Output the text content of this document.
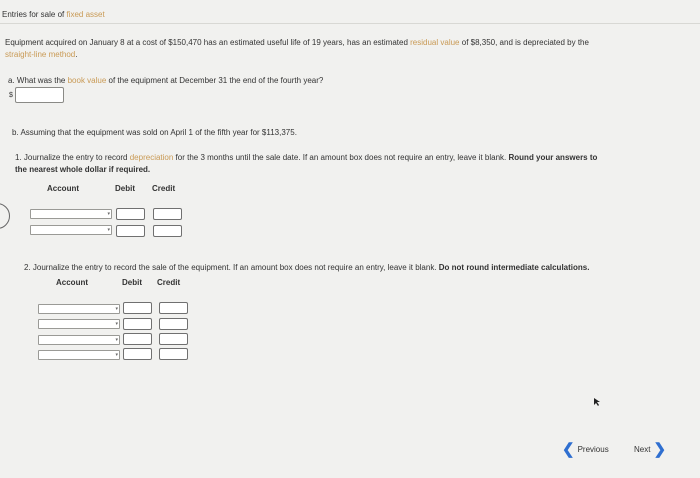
Entries for sale of fixed asset
Equipment acquired on January 8 at a cost of $150,470 has an estimated useful life of 19 years, has an estimated residual value of $8,350, and is depreciated by the
straight-line method.
a. What was the book value of the equipment at December 31 the end of the fourth year?
$
b. Assuming that the equipment was sold on April 1 of the fifth year for $113,375.
1. Journalize the entry to record depreciation for the 3 months until the sale date. If an amount box does not require an entry, leave it blank. Round your answers to
the nearest whole dollar if required.
Account	Debit Credit
▾
▾
2. Journalize the entry to record the sale of the equipment. If an amount box does not require an entry, leave it blank. Do not round intermediate calculations.
Account	Debit Credit
▾
▾
▾
▾
❮ Previous	Next ❯
